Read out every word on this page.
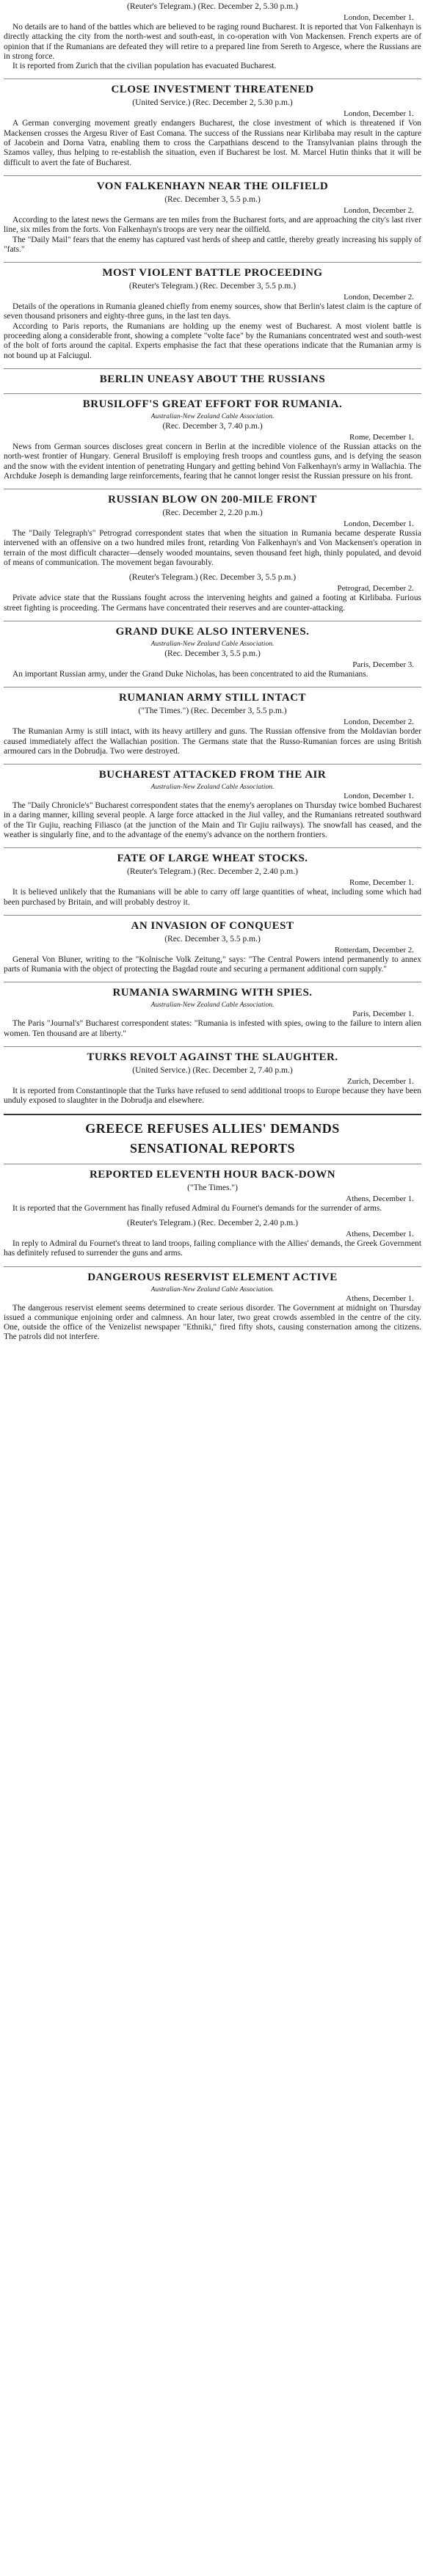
(Reuter's Telegram.) (Rec. December 2, 5.30 p.m.)
London, December 1.

No details are to hand of the battles which are believed to be raging round Bucharest. It is reported that Von Falkenhayn is directly attacking the city from the north-west and south-east, in co-operation with Von Mackensen. French experts are of opinion that if the Rumanians are defeated they will retire to a prepared line from Sereth to Argesce, where the Russians are in strong force.

It is reported from Zurich that the civilian population has evacuated Bucharest.

CLOSE INVESTMENT THREATENED
(United Service.) (Rec. December 2, 5.30 p.m.)
London, December 1.

A German converging movement greatly endangers Bucharest, the close investment of which is threatened if Von Mackensen crosses the Argesu River of East Comana. The success of the Russians near Kirlibaba may result in the capture of Jacobein and Dorna Vatra, enabling them to cross the Carpathians descend to the Transylvanian plains through the Szamos valley, thus helping to re-establish the situation, even if Bucharest be lost. M. Marcel Hutin thinks that it will be difficult to avert the fate of Bucharest.

VON FALKENHAYN NEAR THE OILFIELD
(Rec. December 3, 5.5 p.m.)
London, December 2.

According to the latest news the Germans are ten miles from the Bucharest forts, and are approaching the city's last river line, six miles from the forts. Von Falkenhayn's troops are very near the oilfield.

The "Daily Mail" fears that the enemy has captured vast herds of sheep and cattle, thereby greatly increasing his supply of "fats."

MOST VIOLENT BATTLE PROCEEDING
(Reuter's Telegram.) (Rec. December 3, 5.5 p.m.)
London, December 2.

Details of the operations in Rumania gleaned chiefly from enemy sources, show that Berlin's latest claim is the capture of seven thousand prisoners and eighty-three guns, in the last ten days.

According to Paris reports, the Rumanians are holding up the enemy west of Bucharest. A most violent battle is proceeding along a considerable front, showing a complete "volte face" by the Rumanians concentrated west and south-west of the bolt of forts around the capital. Experts emphasise the fact that these operations indicate that the Rumanian army is not bound up at Falciugul.

BERLIN UNEASY ABOUT THE RUSSIANS
BRUSILOFF'S GREAT EFFORT FOR RUMANIA.
Australian-New Zealand Cable Association.
(Rec. December 3, 7.40 p.m.)
Rome, December 1.

News from German sources discloses great concern in Berlin at the incredible violence of the Russian attacks on the north-west frontier of Hungary. General Brusiloff is employing fresh troops and countless guns, and is defying the season and the snow with the evident intention of penetrating Hungary and getting behind Von Falkenhayn's army in Wallachia. The Archduke Joseph is demanding large reinforcements, fearing that he cannot longer resist the Russian pressure on his front.

RUSSIAN BLOW ON 200-MILE FRONT
(Rec. December 2, 2.20 p.m.)
London, December 1.

The "Daily Telegraph's" Petrograd correspondent states that when the situation in Rumania became desperate Russia intervened with an offensive on a two hundred miles front, retarding Von Falkenhayn's and Von Mackensen's operation in terrain of the most difficult character—densely wooded mountains, seven thousand feet high, thinly populated, and devoid of means of communication. The movement began favourably.

(Reuter's Telegram.) (Rec. December 3, 5.5 p.m.)
Petrograd, December 2.

Private advice state that the Russians fought across the intervening heights and gained a footing at Kirlibaba. Furious street fighting is proceeding. The Germans have concentrated their reserves and are counter-attacking.

GRAND DUKE ALSO INTERVENES.
Australian-New Zealand Cable Association.
(Rec. December 3, 5.5 p.m.)
Paris, December 3.

An important Russian army, under the Grand Duke Nicholas, has been concentrated to aid the Rumanians.

RUMANIAN ARMY STILL INTACT
("The Times.") (Rec. December 3, 5.5 p.m.)
London, December 2.

The Rumanian Army is still intact, with its heavy artillery and guns. The Russian offensive from the Moldavian border caused immediately affect the Wallachian position. The Germans state that the Russo-Rumanian forces are using British armoured cars in the Dobrudja. Two were destroyed.

BUCHAREST ATTACKED FROM THE AIR
Australian-New Zealand Cable Association.
London, December 1.

The "Daily Chronicle's" Bucharest correspondent states that the enemy's aeroplanes on Thursday twice bombed Bucharest in a daring manner, killing several people. A large force attacked in the Jiul valley, and the Rumanians retreated southward of the Tir Gujiu, reaching Filiasco (at the junction of the Main and Tir Gujiu railways). The snowfall has ceased, and the weather is singularly fine, and to the advantage of the enemy's advance on the northern frontiers.

FATE OF LARGE WHEAT STOCKS.
(Reuter's Telegram.) (Rec. December 2, 2.40 p.m.)
Rome, December 1.

It is believed unlikely that the Rumanians will be able to carry off large quantities of wheat, including some which had been purchased by Britain, and will probably destroy it.

AN INVASION OF CONQUEST
(Rec. December 3, 5.5 p.m.)
Rotterdam, December 2.

General Von Bluner, writing to the "Kolnische Volk Zeitung," says: "The Central Powers intend permanently to annex parts of Rumania with the object of protecting the Bagdad route and securing a permanent additional corn supply."

RUMANIA SWARMING WITH SPIES.
Australian-New Zealand Cable Association.
Paris, December 1.

The Paris "Journal's" Bucharest correspondent states: "Rumania is infested with spies, owing to the failure to intern alien women. Ten thousand are at liberty."

TURKS REVOLT AGAINST THE SLAUGHTER.
(United Service.) (Rec. December 2, 7.40 p.m.)
Zurich, December 1.

It is reported from Constantinople that the Turks have refused to send additional troops to Europe because they have been unduly exposed to slaughter in the Dobrudja and elsewhere.

GREECE REFUSES ALLIES' DEMANDS
SENSATIONAL REPORTS
REPORTED ELEVENTH HOUR BACK-DOWN
("The Times.")
Athens, December 1.

It is reported that the Government has finally refused Admiral du Fournet's demands for the surrender of arms.

(Reuter's Telegram.) (Rec. December 2, 2.40 p.m.)
Athens, December 1.

In reply to Admiral du Fournet's threat to land troops, failing compliance with the Allies' demands, the Greek Government has definitely refused to surrender the guns and arms.

DANGEROUS RESERVIST ELEMENT ACTIVE
Australian-New Zealand Cable Association.
Athens, December 1.

The dangerous reservist element seems determined to create serious disorder. The Government at midnight on Thursday issued a communique enjoining order and calmness. An hour later, two great crowds assembled in the centre of the city. One, outside the office of the Venizelist newspaper "Ethniki," fired fifty shots, causing consternation among the citizens. The patrols did not interfere.
